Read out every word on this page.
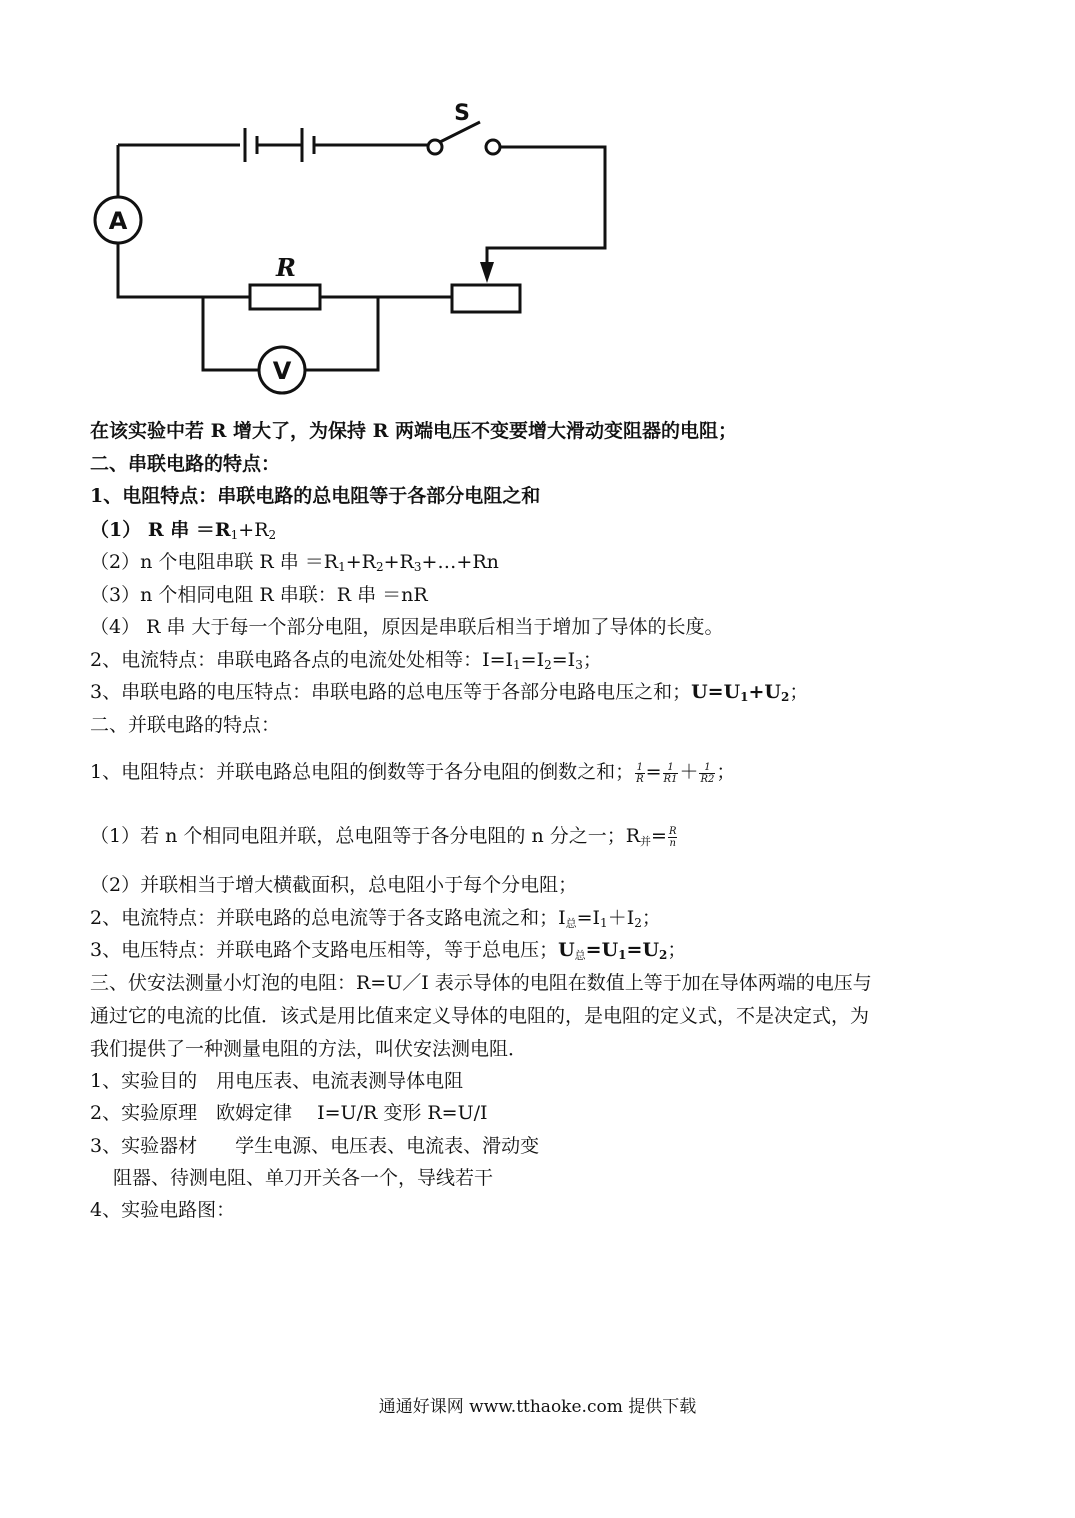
A
V
S
R
在该实验中若 R 增大了，为保持 R 两端电压不变要增大滑动变阻器的电阻；
二、串联电路的特点：
1、电阻特点：串联电路的总电阻等于各部分电阻之和
（1） R 串 $=R_1+R_2$
（2）n 个电阻串联 R 串 $=R_1+R_2+R_3+\dots+Rn$
（3）n 个相同电阻 R 串联：R 串 ＝nR
（4） R 串 大于每一个部分电阻，原因是串联后相当于增加了导体的长度。
2、电流特点：串联电路各点的电流处处相等：$I=I_1=I_2=I_3$；
3、串联电路的电压特点：串联电路的总电压等于各部分电路电压之和；$U=U_1+U_2$；
二、并联电路的特点：
1、电阻特点：并联电路总电阻的倒数等于各分电阻的倒数之和； $\frac{1}{R} = \frac{1}{R1} + \frac{1}{R2}$ ；
（1）若 n 个相同电阻并联，总电阻等于各分电阻的 n 分之一；$R_并= \frac{R}{n}$
（2）并联相当于增大横截面积，总电阻小于每个分电阻；
2、电流特点：并联电路的总电流等于各支路电流之和；$I_总=I_1+I_2$；
3、电压特点：并联电路个支路电压相等，等于总电压；$U_总=U_1=U_2$；
三、伏安法测量小灯泡的电阻：R=U／I 表示导体的电阻在数值上等于加在导体两端的电压与
通过它的电流的比值．该式是用比值来定义导体的电阻的，是电阻的定义式，不是决定式，为
我们提供了一种测量电阻的方法，叫伏安法测电阻．
1、实验目的　用电压表、电流表测导体电阻
2、实验原理　欧姆定律　 I=U/R 变形 R=U/I
3、实验器材　　学生电源、电压表、电流表、滑动变
阻器、待测电阻、单刀开关各一个，导线若干
4、实验电路图：
通通好课网 www.tthaoke.com 提供下载
